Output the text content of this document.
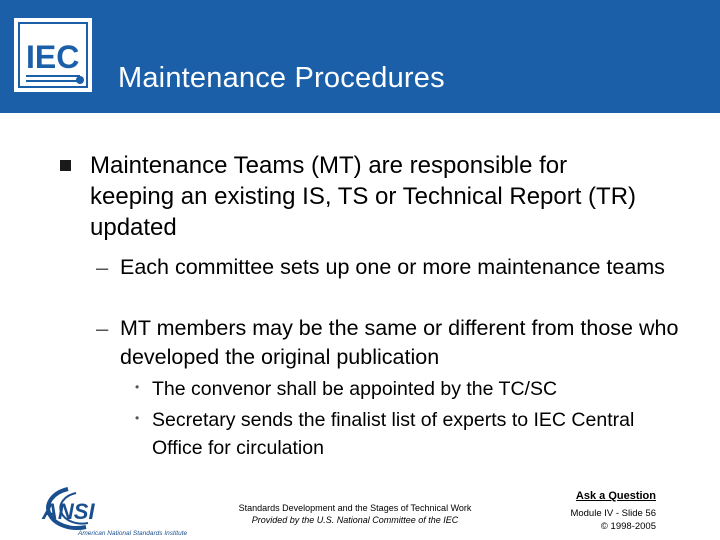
IEC
Maintenance Procedures
Maintenance Teams (MT) are responsible for keeping an existing IS, TS or Technical Report (TR) updated
– Each committee sets up one or more maintenance teams
– MT members may be the same or different from those who developed the original publication
• The convenor shall be appointed by the TC/SC
• Secretary sends the finalist list of experts to IEC Central Office for circulation
ANSI
American National Standards Institute
Standards Development and the Stages of Technical Work
Provided by the U.S. National Committee of the IEC
Ask a Question
Module IV - Slide 56
© 1998-2005
